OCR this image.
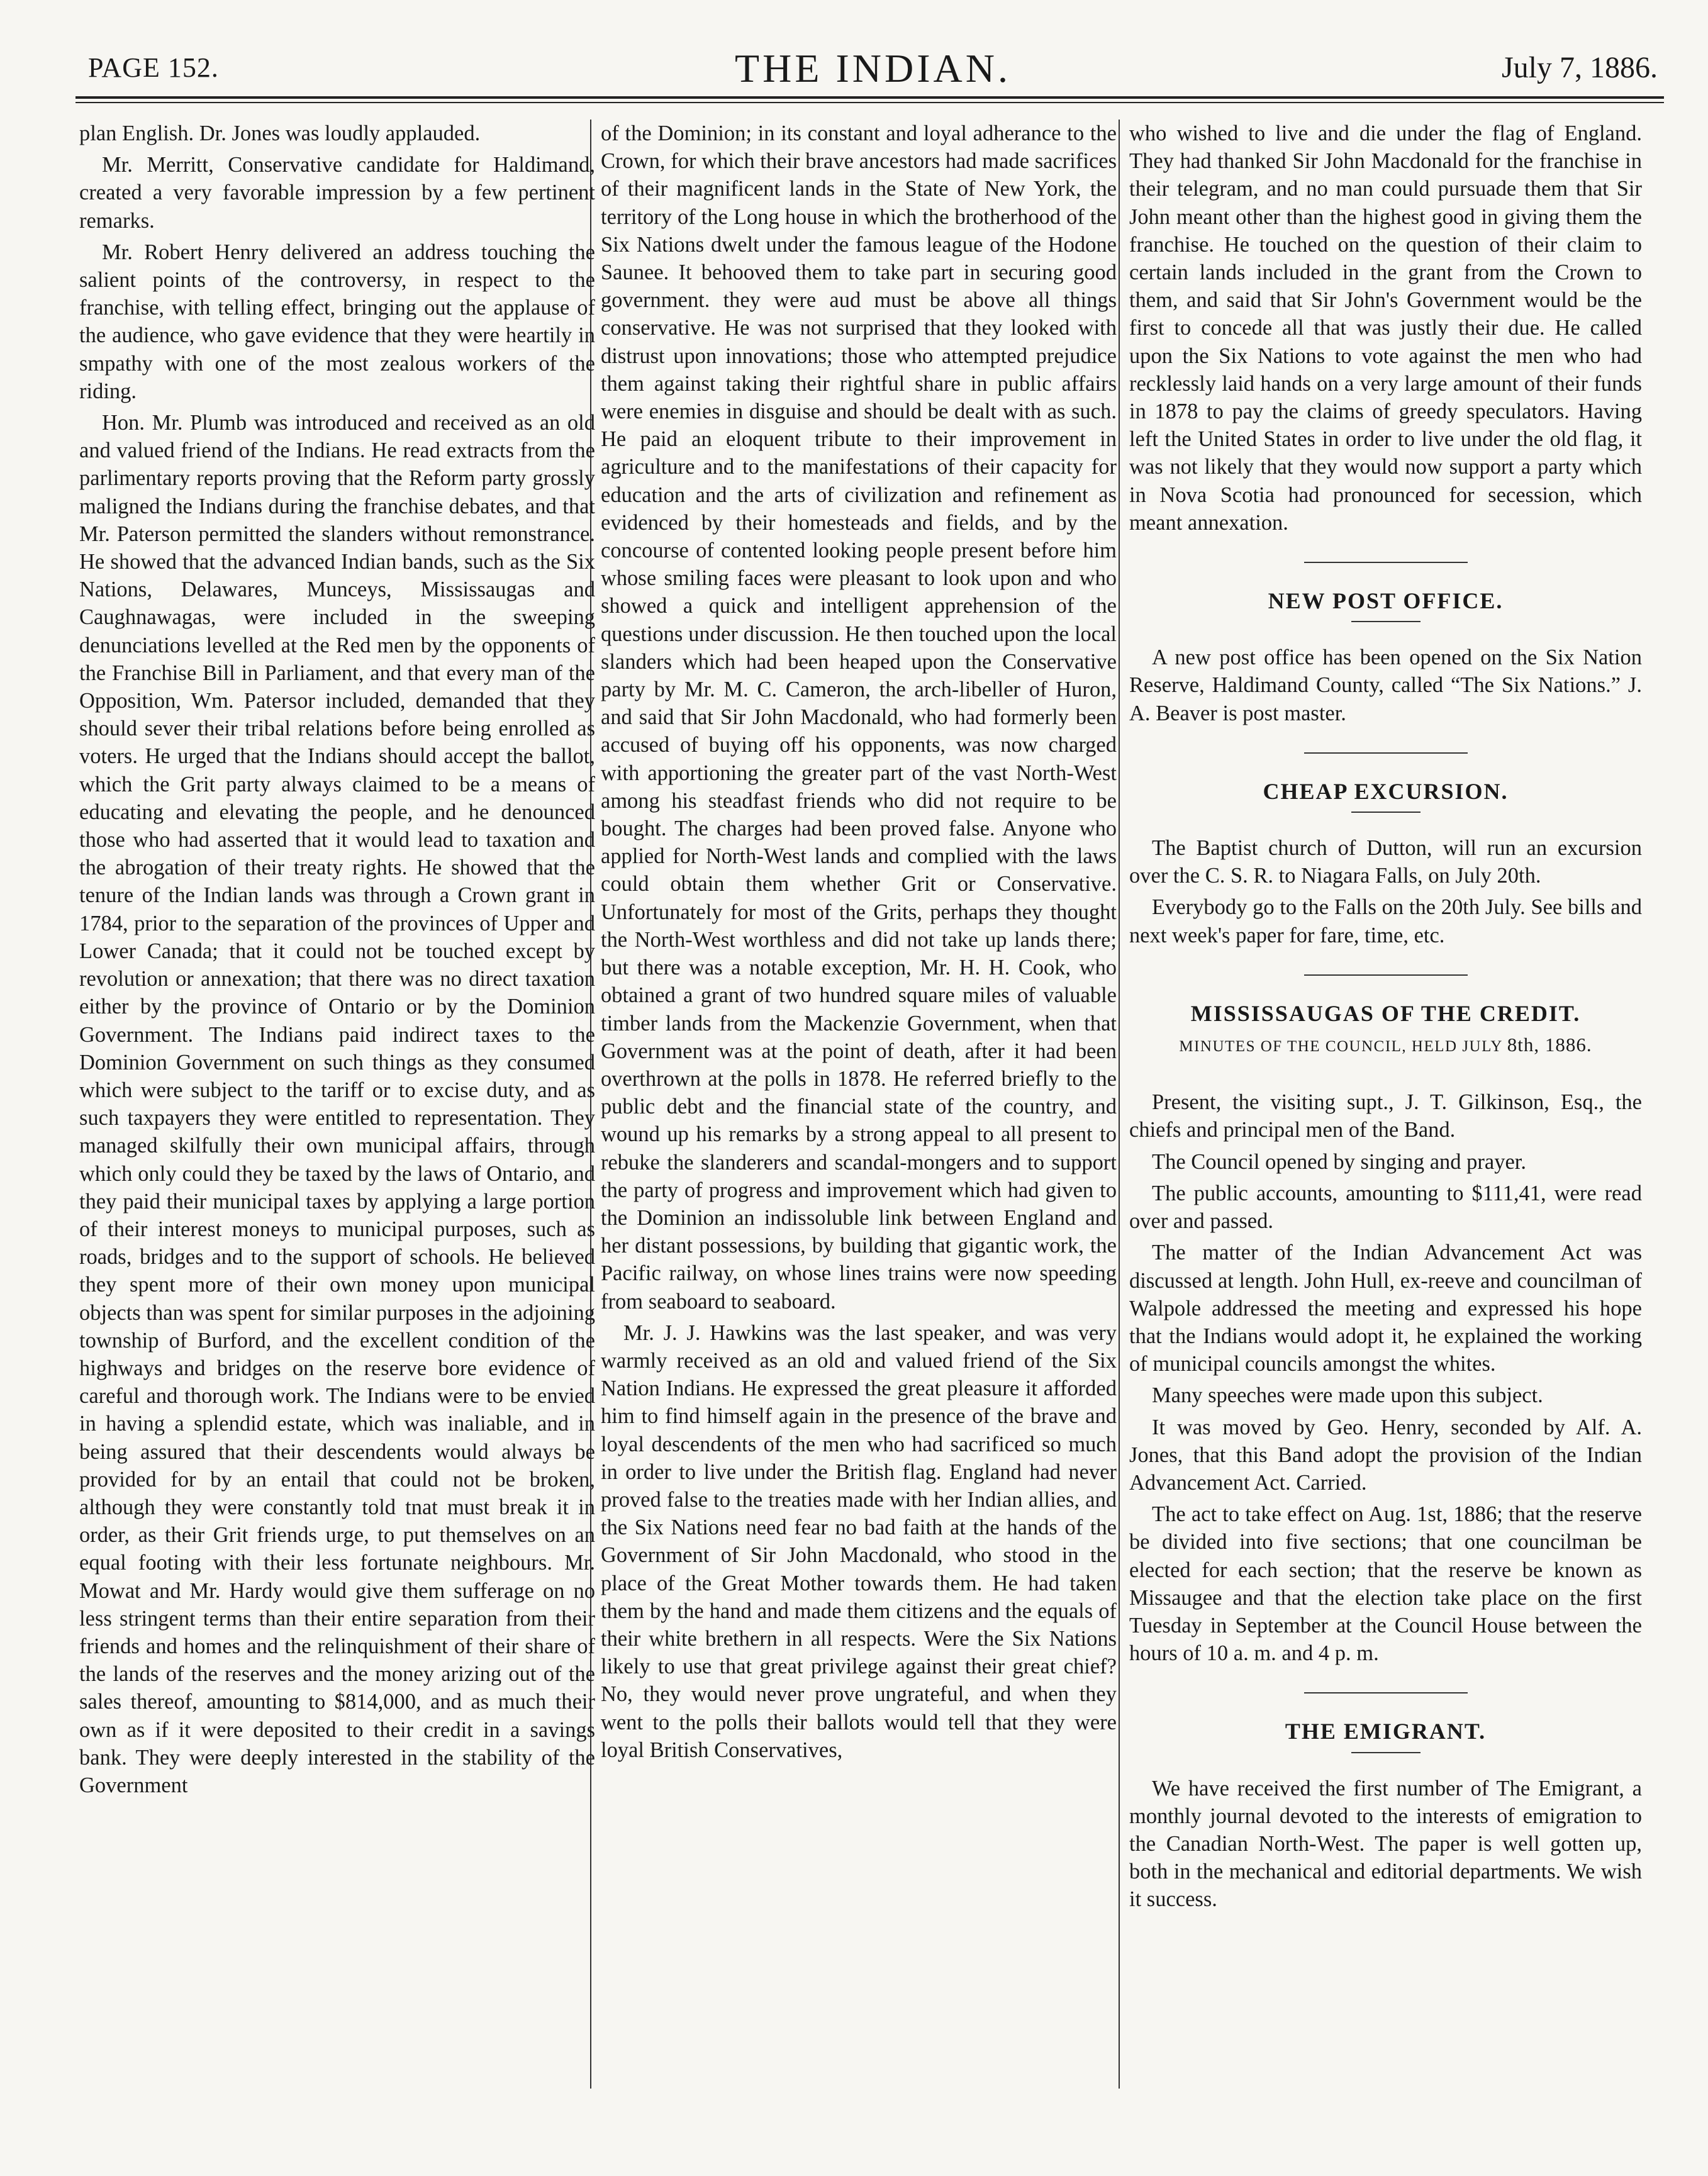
PAGE 152.	THE INDIAN.	July 7, 1886.

plan English. Dr. Jones was loudly applauded.

Mr. Merritt, Conservative candidate for Haldimand, created a very favorable impression by a few pertinent remarks.

Mr. Robert Henry delivered an address touching the salient points of the controversy, in respect to the franchise, with telling effect, bringing out the applause of the audience, who gave evidence that they were heartily in smpathy with one of the most zealous workers of the riding.

Hon. Mr. Plumb was introduced and received as an old and valued friend of the Indians. He read extracts from the parlimentary reports proving that the Reform party grossly maligned the Indians during the franchise debates, and that Mr. Paterson permitted the slanders without remonstrance. He showed that the advanced Indian bands, such as the Six Nations, Delawares, Munceys, Mississaugas and Caughnawagas, were included in the sweeping denunciations levelled at the Red men by the opponents of the Franchise Bill in Parliament, and that every man of the Opposition, Wm. Patersor included, demanded that they should sever their tribal relations before being enrolled as voters. He urged that the Indians should accept the ballot, which the Grit party always claimed to be a means of educating and elevating the people, and he denounced those who had asserted that it would lead to taxation and the abrogation of their treaty rights. He showed that the tenure of the Indian lands was through a Crown grant in 1784, prior to the separation of the provinces of Upper and Lower Canada; that it could not be touched except by revolution or annexation; that there was no direct taxation either by the province of Ontario or by the Dominion Government. The Indians paid indirect taxes to the Dominion Government on such things as they consumed which were subject to the tariff or to excise duty, and as such taxpayers they were entitled to representation. They managed skilfully their own municipal affairs, through which only could they be taxed by the laws of Ontario, and they paid their municipal taxes by applying a large portion of their interest moneys to municipal purposes, such as roads, bridges and to the support of schools. He believed they spent more of their own money upon municipal objects than was spent for similar purposes in the adjoining township of Burford, and the excellent condition of the highways and bridges on the reserve bore evidence of careful and thorough work. The Indians were to be envied in having a splendid estate, which was inaliable, and in being assured that their descendents would always be provided for by an entail that could not be broken, although they were constantly told tnat must break it in order, as their Grit friends urge, to put themselves on an equal footing with their less fortunate neighbours. Mr. Mowat and Mr. Hardy would give them sufferage on no less stringent terms than their entire separation from their friends and homes and the relinquishment of their share of the lands of the reserves and the money arizing out of the sales thereof, amounting to $814,000, and as much their own as if it were deposited to their credit in a savings bank. They were deeply interested in the stability of the Government

of the Dominion; in its constant and loyal adherance to the Crown, for which their brave ancestors had made sacrifices of their magnificent lands in the State of New York, the territory of the Long house in which the brotherhood of the Six Nations dwelt under the famous league of the Hodone Saunee. It behooved them to take part in securing good government. they were aud must be above all things conservative. He was not surprised that they looked with distrust upon innovations; those who attempted prejudice them against taking their rightful share in public affairs were enemies in disguise and should be dealt with as such. He paid an eloquent tribute to their improvement in agriculture and to the manifestations of their capacity for education and the arts of civilization and refinement as evidenced by their homesteads and fields, and by the concourse of contented looking people present before him whose smiling faces were pleasant to look upon and who showed a quick and intelligent apprehension of the questions under discussion. He then touched upon the local slanders which had been heaped upon the Conservative party by Mr. M. C. Cameron, the arch-libeller of Huron, and said that Sir John Macdonald, who had formerly been accused of buying off his opponents, was now charged with apportioning the greater part of the vast North-West among his steadfast friends who did not require to be bought. The charges had been proved false. Anyone who applied for North-West lands and complied with the laws could obtain them whether Grit or Conservative. Unfortunately for most of the Grits, perhaps they thought the North-West worthless and did not take up lands there; but there was a notable exception, Mr. H. H. Cook, who obtained a grant of two hundred square miles of valuable timber lands from the Mackenzie Government, when that Government was at the point of death, after it had been overthrown at the polls in 1878. He referred briefly to the public debt and the financial state of the country, and wound up his remarks by a strong appeal to all present to rebuke the slanderers and scandal-mongers and to support the party of progress and improvement which had given to the Dominion an indissoluble link between England and her distant possessions, by building that gigantic work, the Pacific railway, on whose lines trains were now speeding from seaboard to seaboard.

Mr. J. J. Hawkins was the last speaker, and was very warmly received as an old and valued friend of the Six Nation Indians. He expressed the great pleasure it afforded him to find himself again in the presence of the brave and loyal descendents of the men who had sacrificed so much in order to live under the British flag. England had never proved false to the treaties made with her Indian allies, and the Six Nations need fear no bad faith at the hands of the Government of Sir John Macdonald, who stood in the place of the Great Mother towards them. He had taken them by the hand and made them citizens and the equals of their white brethern in all respects. Were the Six Nations likely to use that great privilege against their great chief? No, they would never prove ungrateful, and when they went to the polls their ballots would tell that they were loyal British Conservatives,

who wished to live and die under the flag of England. They had thanked Sir John Macdonald for the franchise in their telegram, and no man could pursuade them that Sir John meant other than the highest good in giving them the franchise. He touched on the question of their claim to certain lands included in the grant from the Crown to them, and said that Sir John's Government would be the first to concede all that was justly their due. He called upon the Six Nations to vote against the men who had recklessly laid hands on a very large amount of their funds in 1878 to pay the claims of greedy speculators. Having left the United States in order to live under the old flag, it was not likely that they would now support a party which in Nova Scotia had pronounced for secession, which meant annexation.

NEW POST OFFICE.

A new post office has been opened on the Six Nation Reserve, Haldimand County, called “The Six Nations.” J. A. Beaver is post master.

CHEAP EXCURSION.

The Baptist church of Dutton, will run an excursion over the C. S. R. to Niagara Falls, on July 20th.

Everybody go to the Falls on the 20th July. See bills and next week's paper for fare, time, etc.

MISSISSAUGAS OF THE CREDIT.
MINUTES OF THE COUNCIL, HELD JULY 8th, 1886.

Present, the visiting supt., J. T. Gilkinson, Esq., the chiefs and principal men of the Band.

The Council opened by singing and prayer.

The public accounts, amounting to $111,41, were read over and passed.

The matter of the Indian Advancement Act was discussed at length. John Hull, ex-reeve and councilman of Walpole addressed the meeting and expressed his hope that the Indians would adopt it, he explained the working of municipal councils amongst the whites.

Many speeches were made upon this subject.

It was moved by Geo. Henry, seconded by Alf. A. Jones, that this Band adopt the provision of the Indian Advancement Act. Carried.

The act to take effect on Aug. 1st, 1886; that the reserve be divided into five sections; that one councilman be elected for each section; that the reserve be known as Missaugee and that the election take place on the first Tuesday in September at the Council House between the hours of 10 a. m. and 4 p. m.

THE EMIGRANT.

We have received the first number of The Emigrant, a monthly journal devoted to the interests of emigration to the Canadian North-West. The paper is well gotten up, both in the mechanical and editorial departments. We wish it success.
